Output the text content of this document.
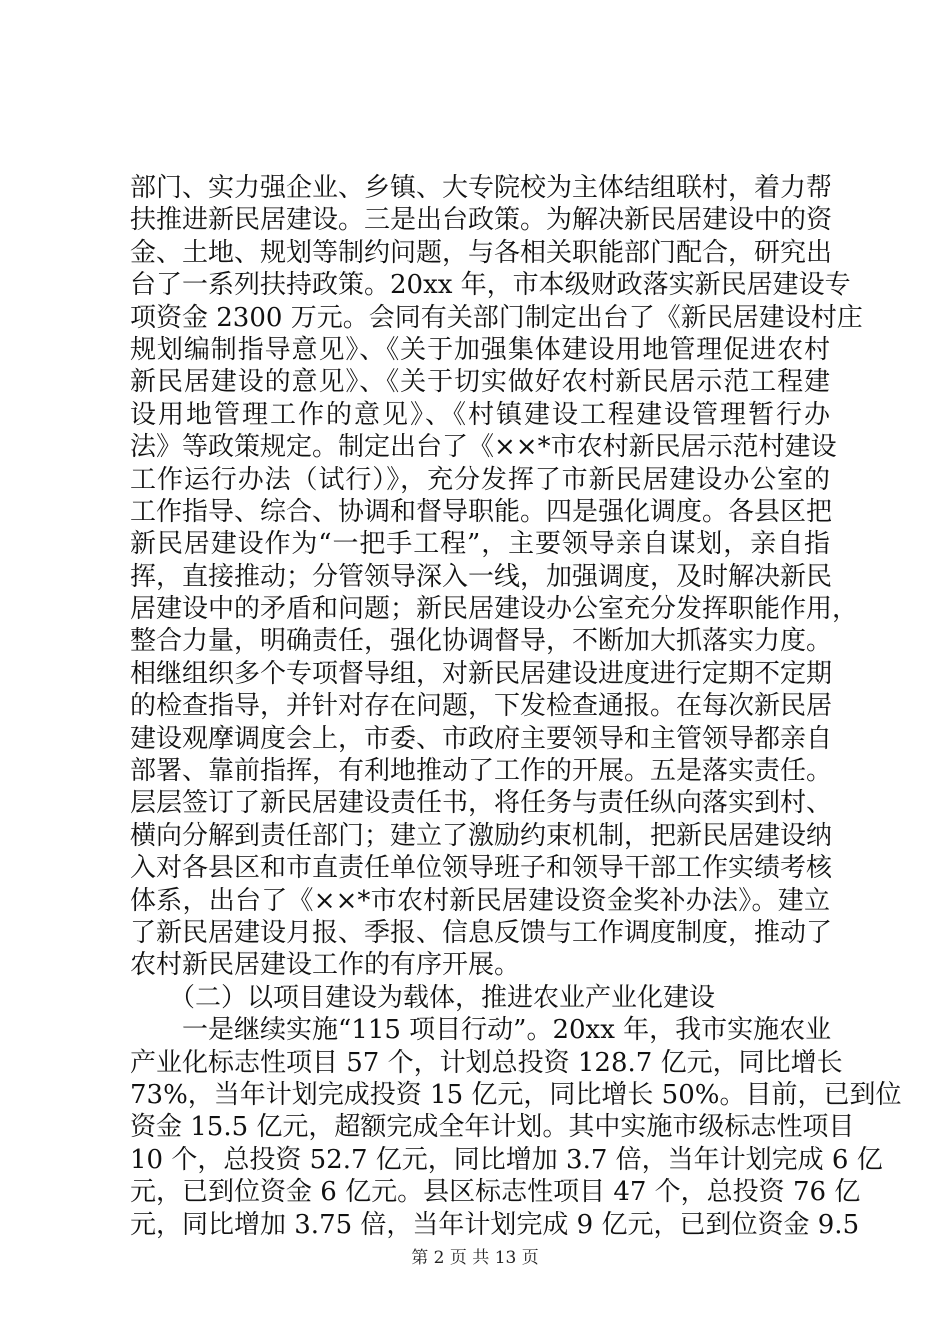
部门、实力强企业、乡镇、大专院校为主体结组联村，着力帮
扶推进新民居建设。三是出台政策。为解决新民居建设中的资
金、土地、规划等制约问题，与各相关职能部门配合，研究出
台了一系列扶持政策。20xx 年，市本级财政落实新民居建设专
项资金 2300 万元。会同有关部门制定出台了《新民居建设村庄
规划编制指导意见》、《关于加强集体建设用地管理促进农村
新民居建设的意见》、《关于切实做好农村新民居示范工程建
设用地管理工作的意见》、《村镇建设工程建设管理暂行办
法》等政策规定。制定出台了《××*市农村新民居示范村建设
工作运行办法（试行）》，充分发挥了市新民居建设办公室的
工作指导、综合、协调和督导职能。四是强化调度。各县区把
新民居建设作为“一把手工程”，主要领导亲自谋划，亲自指
挥，直接推动；分管领导深入一线，加强调度，及时解决新民
居建设中的矛盾和问题；新民居建设办公室充分发挥职能作用，
整合力量，明确责任，强化协调督导，不断加大抓落实力度。
相继组织多个专项督导组，对新民居建设进度进行定期不定期
的检查指导，并针对存在问题，下发检查通报。在每次新民居
建设观摩调度会上，市委、市政府主要领导和主管领导都亲自
部署、靠前指挥，有利地推动了工作的开展。五是落实责任。
层层签订了新民居建设责任书，将任务与责任纵向落实到村、
横向分解到责任部门；建立了激励约束机制，把新民居建设纳
入对各县区和市直责任单位领导班子和领导干部工作实绩考核
体系，出台了《××*市农村新民居建设资金奖补办法》。建立
了新民居建设月报、季报、信息反馈与工作调度制度，推动了
农村新民居建设工作的有序开展。
　　（二）以项目建设为载体，推进农业产业化建设
　　一是继续实施“115 项目行动”。20xx 年，我市实施农业
产业化标志性项目 57 个，计划总投资 128.7 亿元，同比增长
73%，当年计划完成投资 15 亿元，同比增长 50%。目前，已到位
资金 15.5 亿元，超额完成全年计划。其中实施市级标志性项目
10 个，总投资 52.7 亿元，同比增加 3.7 倍，当年计划完成 6 亿
元，已到位资金 6 亿元。县区标志性项目 47 个，总投资 76 亿
元，同比增加 3.75 倍，当年计划完成 9 亿元，已到位资金 9.5
第 2 页 共 13 页
